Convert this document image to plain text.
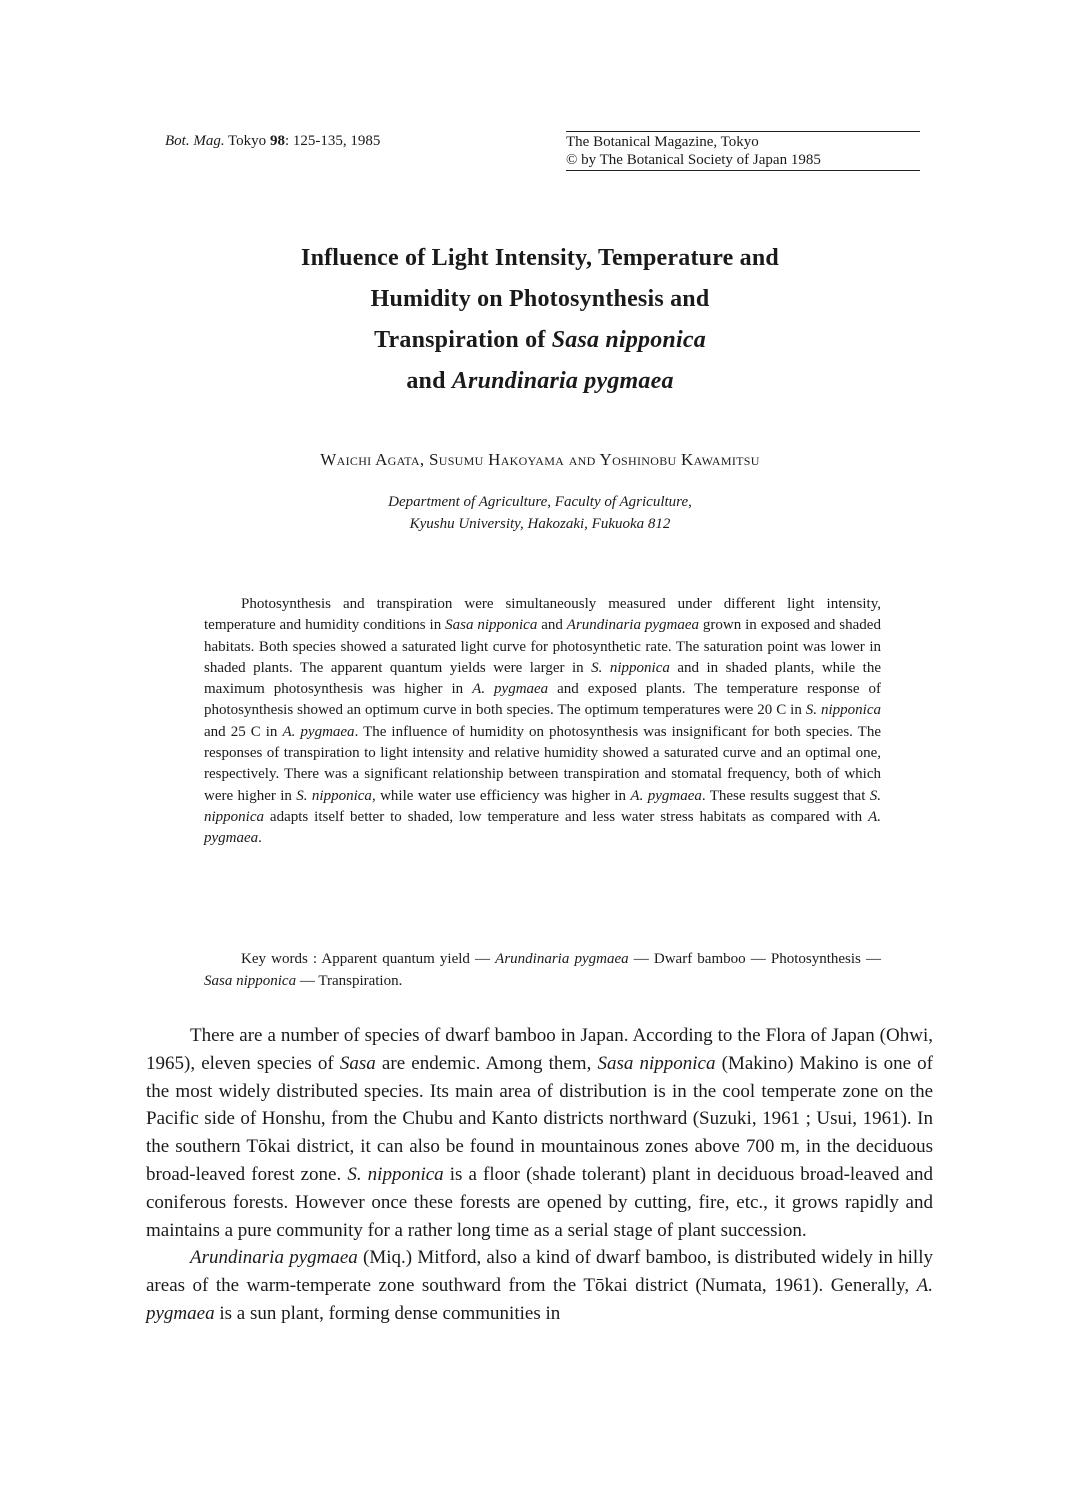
Bot. Mag. Tokyo 98: 125-135, 1985	The Botanical Magazine, Tokyo
© by The Botanical Society of Japan 1985
Influence of Light Intensity, Temperature and
Humidity on Photosynthesis and
Transpiration of Sasa nipponica
and Arundinaria pygmaea
Waichi Agata, Susumu Hakoyama and Yoshinobu Kawamitsu
Department of Agriculture, Faculty of Agriculture,
Kyushu University, Hakozaki, Fukuoka 812

Photosynthesis and transpiration were simultaneously measured under different light intensity, temperature and humidity conditions in Sasa nipponica and Arundinaria pygmaea grown in exposed and shaded habitats. Both species showed a saturated light curve for photosynthetic rate. The saturation point was lower in shaded plants. The apparent quantum yields were larger in S. nipponica and in shaded plants, while the maximum photosynthesis was higher in A. pygmaea and exposed plants. The temperature response of photosynthesis showed an optimum curve in both species. The optimum temperatures were 20 C in S. nipponica and 25 C in A. pygmaea. The influence of humidity on photosynthesis was insignificant for both species. The responses of transpiration to light intensity and relative humidity showed a saturated curve and an optimal one, respectively. There was a significant relationship between transpiration and stomatal frequency, both of which were higher in S. nipponica, while water use efficiency was higher in A. pygmaea. These results suggest that S. nipponica adapts itself better to shaded, low temperature and less water stress habitats as compared with A. pygmaea.

Key words : Apparent quantum yield — Arundinaria pygmaea — Dwarf bamboo — Photosynthesis — Sasa nipponica — Transpiration.

There are a number of species of dwarf bamboo in Japan. According to the Flora of Japan (Ohwi, 1965), eleven species of Sasa are endemic. Among them, Sasa nipponica (Makino) Makino is one of the most widely distributed species. Its main area of distribution is in the cool temperate zone on the Pacific side of Honshu, from the Chubu and Kanto districts northward (Suzuki, 1961 ; Usui, 1961). In the southern Tōkai district, it can also be found in mountainous zones above 700 m, in the deciduous broad-leaved forest zone. S. nipponica is a floor (shade tolerant) plant in deciduous broad-leaved and coniferous forests. However once these forests are opened by cutting, fire, etc., it grows rapidly and maintains a pure community for a rather long time as a serial stage of plant succession.

Arundinaria pygmaea (Miq.) Mitford, also a kind of dwarf bamboo, is distributed widely in hilly areas of the warm-temperate zone southward from the Tōkai district (Numata, 1961). Generally, A. pygmaea is a sun plant, forming dense communities in
